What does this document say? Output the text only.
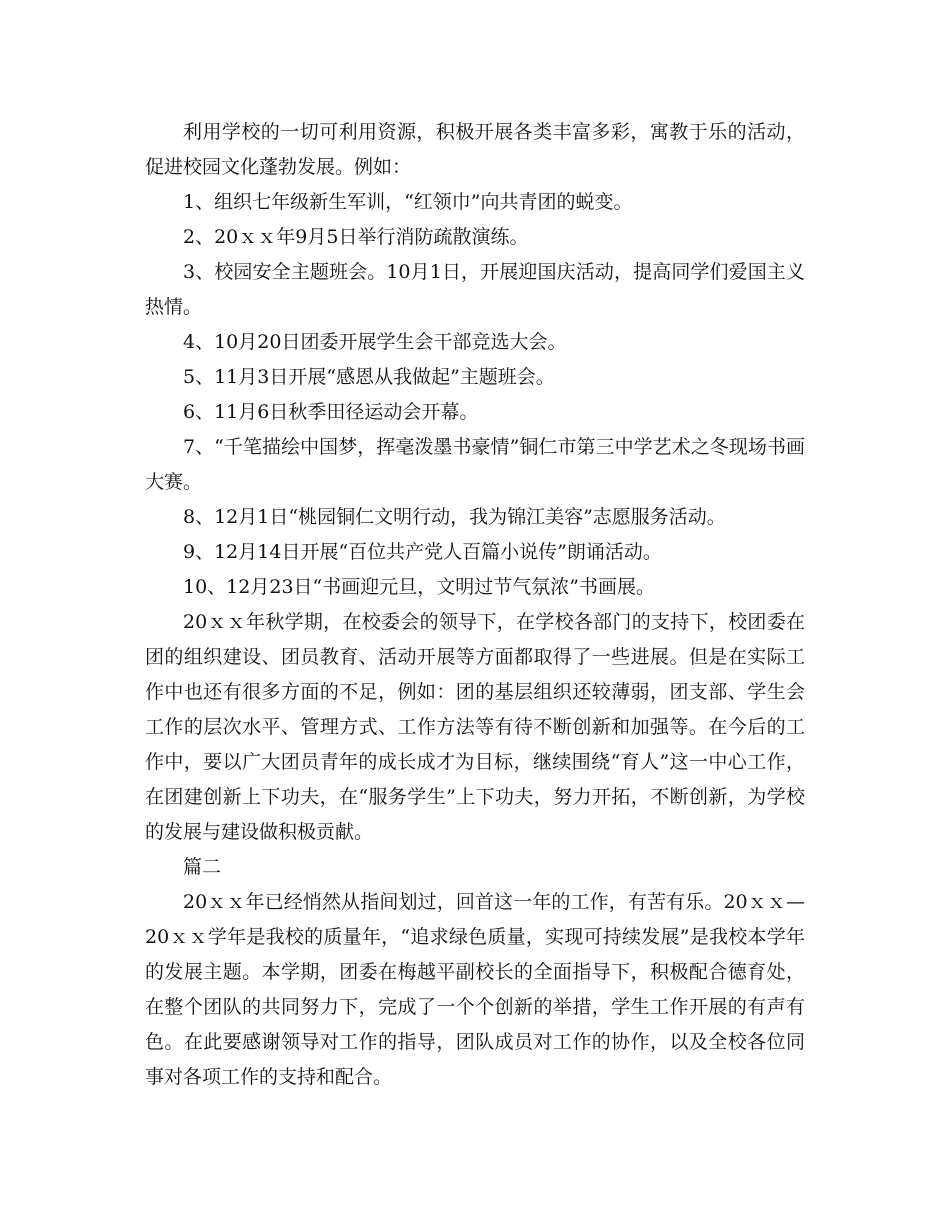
利用学校的一切可利用资源，积极开展各类丰富多彩，寓教于乐的活动，促进校园文化蓬勃发展。例如：

1、组织七年级新生军训，“红领巾”向共青团的蜕变。

2、20ｘｘ年9月5日举行消防疏散演练。

3、校园安全主题班会。10月1日，开展迎国庆活动，提高同学们爱国主义热情。

4、10月20日团委开展学生会干部竞选大会。

5、11月3日开展“感恩从我做起”主题班会。

6、11月6日秋季田径运动会开幕。

7、“千笔描绘中国梦，挥毫泼墨书豪情”铜仁市第三中学艺术之冬现场书画大赛。

8、12月1日“桃园铜仁文明行动，我为锦江美容”志愿服务活动。

9、12月14日开展“百位共产党人百篇小说传”朗诵活动。

10、12月23日“书画迎元旦，文明过节气氛浓”书画展。

20ｘｘ年秋学期，在校委会的领导下，在学校各部门的支持下，校团委在团的组织建设、团员教育、活动开展等方面都取得了一些进展。但是在实际工作中也还有很多方面的不足，例如：团的基层组织还较薄弱，团支部、学生会工作的层次水平、管理方式、工作方法等有待不断创新和加强等。在今后的工作中，要以广大团员青年的成长成才为目标，继续围绕“育人”这一中心工作，在团建创新上下功夫，在“服务学生”上下功夫，努力开拓，不断创新，为学校的发展与建设做积极贡献。

篇二

20ｘｘ年已经悄然从指间划过，回首这一年的工作，有苦有乐。20ｘｘ—20ｘｘ学年是我校的质量年，“追求绿色质量，实现可持续发展”是我校本学年的发展主题。本学期，团委在梅越平副校长的全面指导下，积极配合德育处，在整个团队的共同努力下，完成了一个个创新的举措，学生工作开展的有声有色。在此要感谢领导对工作的指导，团队成员对工作的协作，以及全校各位同事对各项工作的支持和配合。
